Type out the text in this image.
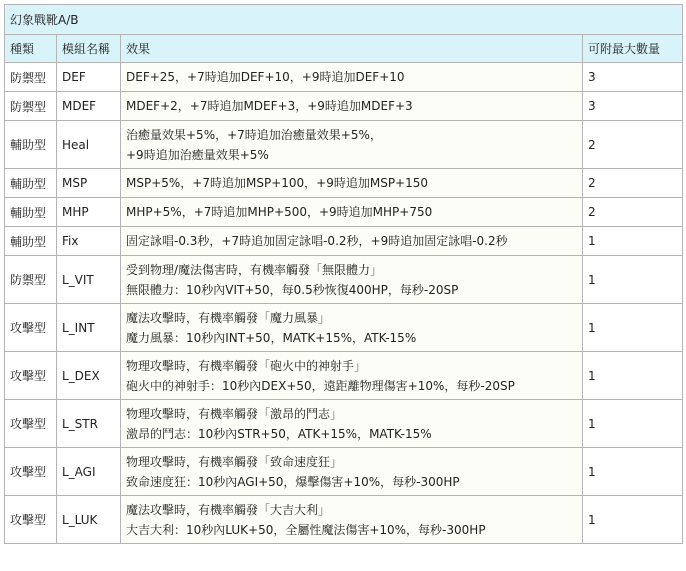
幻象戰靴A/B			
種類	模組名稱	效果	可附最大數量
防禦型	DEF	DEF+25，+7時追加DEF+10，+9時追加DEF+10	3
防禦型	MDEF	MDEF+2，+7時追加MDEF+3，+9時追加MDEF+3	3
輔助型	Heal	治癒量效果+5%，+7時追加治癒量效果+5%，
+9時追加治癒量效果+5%	2
輔助型	MSP	MSP+5%，+7時追加MSP+100，+9時追加MSP+150	2
輔助型	MHP	MHP+5%，+7時追加MHP+500，+9時追加MHP+750	2
輔助型	Fix	固定詠唱-0.3秒，+7時追加固定詠唱-0.2秒，+9時追加固定詠唱-0.2秒	1
防禦型	L_VIT	受到物理/魔法傷害時，有機率觸發「無限體力」
無限體力：10秒內VIT+50，每0.5秒恢復400HP，每秒-20SP	1
攻擊型	L_INT	魔法攻擊時，有機率觸發「魔力風暴」
魔力風暴：10秒內INT+50，MATK+15%，ATK-15%	1
攻擊型	L_DEX	物理攻擊時，有機率觸發「砲火中的神射手」
砲火中的神射手：10秒內DEX+50，遠距離物理傷害+10%，每秒-20SP	1
攻擊型	L_STR	物理攻擊時，有機率觸發「激昂的鬥志」
激昂的鬥志：10秒內STR+50，ATK+15%，MATK-15%	1
攻擊型	L_AGI	物理攻擊時，有機率觸發「致命速度狂」
致命速度狂：10秒內AGI+50，爆擊傷害+10%，每秒-300HP	1
攻擊型	L_LUK	魔法攻擊時，有機率觸發「大吉大利」
大吉大利：10秒內LUK+50，全屬性魔法傷害+10%，每秒-300HP	1
